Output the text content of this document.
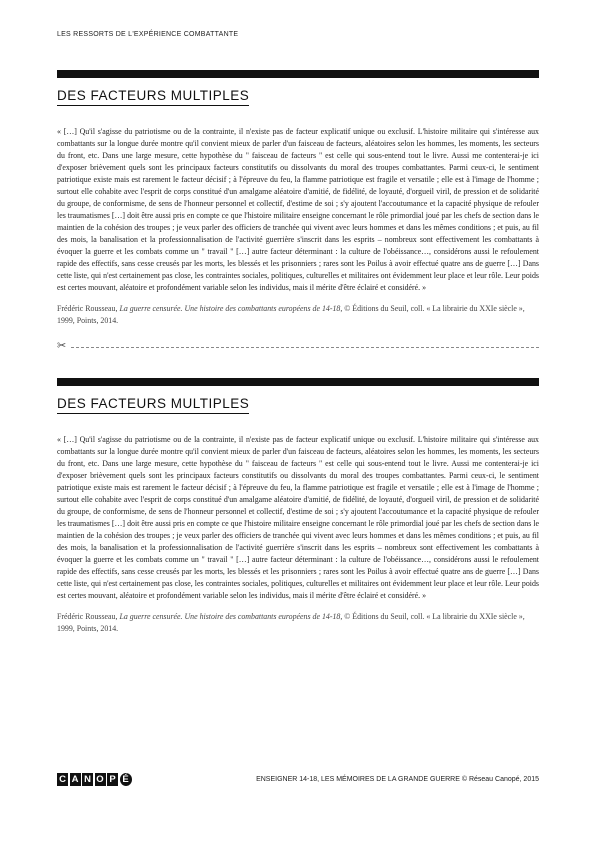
LES RESSORTS DE L'EXPÉRIENCE COMBATTANTE
DES FACTEURS MULTIPLES

« […] Qu'il s'agisse du patriotisme ou de la contrainte, il n'existe pas de facteur explicatif unique ou exclusif. L'histoire militaire qui s'intéresse aux combattants sur la longue durée montre qu'il convient mieux de parler d'un faisceau de facteurs, aléatoires selon les hommes, les moments, les secteurs du front, etc. Dans une large mesure, cette hypothèse du " faisceau de facteurs " est celle qui sous-entend tout le livre. Aussi me contenterai-je ici d'exposer brièvement quels sont les principaux facteurs constitutifs ou dissolvants du moral des troupes combattantes. Parmi ceux-ci, le sentiment patriotique existe mais est rarement le facteur décisif ; à l'épreuve du feu, la flamme patriotique est fragile et versatile ; elle est à l'image de l'homme ; surtout elle cohabite avec l'esprit de corps constitué d'un amalgame aléatoire d'amitié, de fidélité, de loyauté, d'orgueil viril, de pression et de solidarité du groupe, de conformisme, de sens de l'honneur personnel et collectif, d'estime de soi ; s'y ajoutent l'accoutumance et la capacité physique de refouler les traumatismes […] doit être aussi pris en compte ce que l'histoire militaire enseigne concernant le rôle primordial joué par les chefs de section dans le maintien de la cohésion des troupes ; je veux parler des officiers de tranchée qui vivent avec leurs hommes et dans les mêmes conditions ; et puis, au fil des mois, la banalisation et la professionnalisation de l'activité guerrière s'inscrit dans les esprits – nombreux sont effectivement les combattants à évoquer la guerre et les combats comme un " travail " […] autre facteur déterminant : la culture de l'obéissance…, considérons aussi le refoulement rapide des effectifs, sans cesse creusés par les morts, les blessés et les prisonniers ; rares sont les Poilus à avoir effectué quatre ans de guerre […] Dans cette liste, qui n'est certainement pas close, les contraintes sociales, politiques, culturelles et militaires ont évidemment leur place et leur rôle. Leur poids est certes mouvant, aléatoire et profondément variable selon les individus, mais il mérite d'être éclairé et considéré. »

Frédéric Rousseau, La guerre censurée. Une histoire des combattants européens de 14-18, © Éditions du Seuil, coll. « La librairie du XXIe siècle », 1999, Points, 2014.

✂
DES FACTEURS MULTIPLES

« […] Qu'il s'agisse du patriotisme ou de la contrainte, il n'existe pas de facteur explicatif unique ou exclusif. L'histoire militaire qui s'intéresse aux combattants sur la longue durée montre qu'il convient mieux de parler d'un faisceau de facteurs, aléatoires selon les hommes, les moments, les secteurs du front, etc. Dans une large mesure, cette hypothèse du " faisceau de facteurs " est celle qui sous-entend tout le livre. Aussi me contenterai-je ici d'exposer brièvement quels sont les principaux facteurs constitutifs ou dissolvants du moral des troupes combattantes. Parmi ceux-ci, le sentiment patriotique existe mais est rarement le facteur décisif ; à l'épreuve du feu, la flamme patriotique est fragile et versatile ; elle est à l'image de l'homme ; surtout elle cohabite avec l'esprit de corps constitué d'un amalgame aléatoire d'amitié, de fidélité, de loyauté, d'orgueil viril, de pression et de solidarité du groupe, de conformisme, de sens de l'honneur personnel et collectif, d'estime de soi ; s'y ajoutent l'accoutumance et la capacité physique de refouler les traumatismes […] doit être aussi pris en compte ce que l'histoire militaire enseigne concernant le rôle primordial joué par les chefs de section dans le maintien de la cohésion des troupes ; je veux parler des officiers de tranchée qui vivent avec leurs hommes et dans les mêmes conditions ; et puis, au fil des mois, la banalisation et la professionnalisation de l'activité guerrière s'inscrit dans les esprits – nombreux sont effectivement les combattants à évoquer la guerre et les combats comme un " travail " […] autre facteur déterminant : la culture de l'obéissance…, considérons aussi le refoulement rapide des effectifs, sans cesse creusés par les morts, les blessés et les prisonniers ; rares sont les Poilus à avoir effectué quatre ans de guerre […] Dans cette liste, qui n'est certainement pas close, les contraintes sociales, politiques, culturelles et militaires ont évidemment leur place et leur rôle. Leur poids est certes mouvant, aléatoire et profondément variable selon les individus, mais il mérite d'être éclairé et considéré. »

Frédéric Rousseau, La guerre censurée. Une histoire des combattants européens de 14-18, © Éditions du Seuil, coll. « La librairie du XXIe siècle », 1999, Points, 2014.

C A N O P É	ENSEIGNER 14-18, LES MÉMOIRES DE LA GRANDE GUERRE © Réseau Canopé, 2015
